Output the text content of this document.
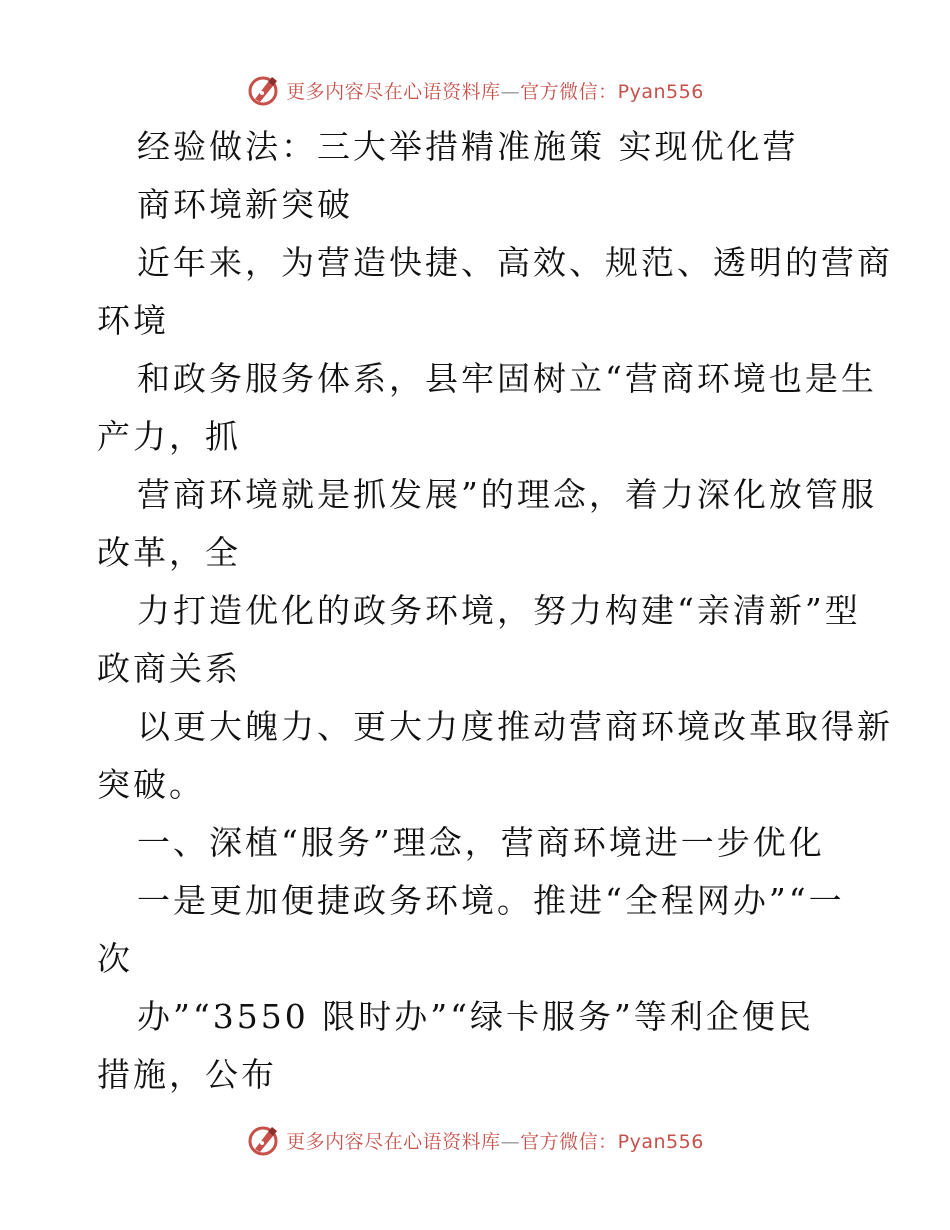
更多内容尽在心语资料库—官方微信：Pyan556
经验做法：三大举措精准施策 实现优化营
商环境新突破
近年来，为营造快捷、高效、规范、透明的营商
环境
和政务服务体系，县牢固树立“营商环境也是生
产力，抓
营商环境就是抓发展”的理念，着力深化放管服
改革，全
力打造优化的政务环境，努力构建“亲清新”型
政商关系
以更大魄力、更大力度推动营商环境改革取得新
突破。
一、深植“服务”理念，营商环境进一步优化
一是更加便捷政务环境。推进“全程网办”“一
次
办”“3550 限时办”“绿卡服务”等利企便民
措施，公布
更多内容尽在心语资料库—官方微信：Pyan556
